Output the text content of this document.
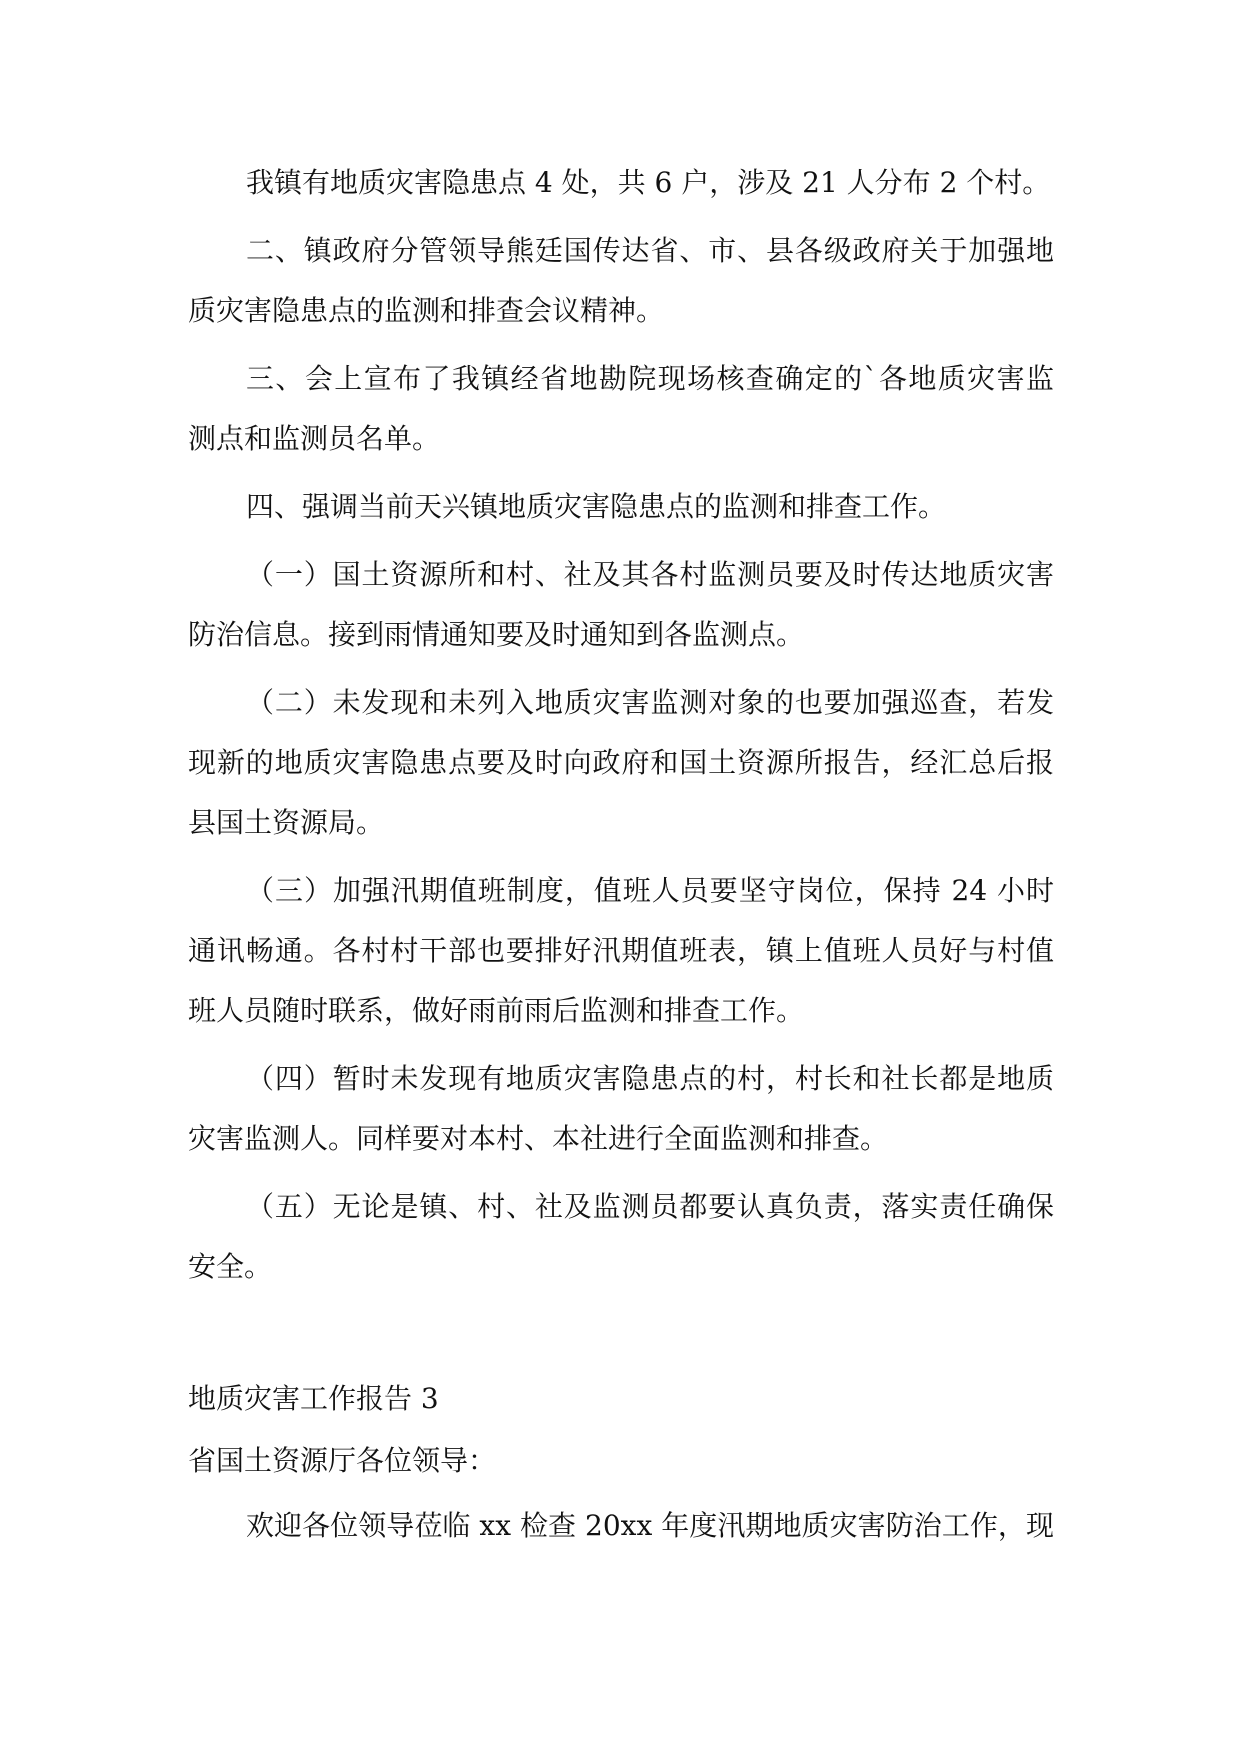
我镇有地质灾害隐患点 4 处，共 6 户，涉及 21 人分布 2 个村。
二、镇政府分管领导熊廷国传达省、市、县各级政府关于加强地
质灾害隐患点的监测和排查会议精神。
三、会上宣布了我镇经省地勘院现场核查确定的`各地质灾害监
测点和监测员名单。
四、强调当前天兴镇地质灾害隐患点的监测和排查工作。
（一）国土资源所和村、社及其各村监测员要及时传达地质灾害
防治信息。接到雨情通知要及时通知到各监测点。
（二）未发现和未列入地质灾害监测对象的也要加强巡查，若发
现新的地质灾害隐患点要及时向政府和国土资源所报告，经汇总后报
县国土资源局。
（三）加强汛期值班制度，值班人员要坚守岗位，保持 24 小时
通讯畅通。各村村干部也要排好汛期值班表，镇上值班人员好与村值
班人员随时联系，做好雨前雨后监测和排查工作。
（四）暂时未发现有地质灾害隐患点的村，村长和社长都是地质
灾害监测人。同样要对本村、本社进行全面监测和排查。
（五）无论是镇、村、社及监测员都要认真负责，落实责任确保
安全。
地质灾害工作报告 3
省国土资源厅各位领导：
欢迎各位领导莅临 xx 检查 20xx 年度汛期地质灾害防治工作，现
